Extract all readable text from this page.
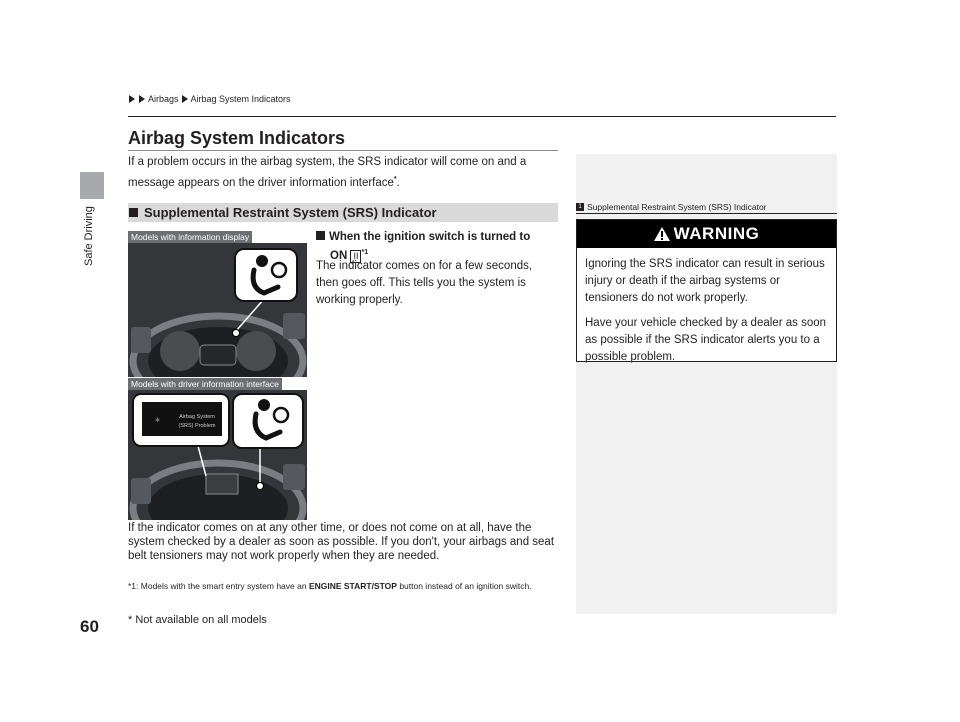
Safe Driving
Airbags Airbag System Indicators
Airbag System Indicators
If a problem occurs in the airbag system, the SRS indicator will come on and a message appears on the driver information interface*.
Supplemental Restraint System (SRS) Indicator
Models with information display
Models with driver information interface
✱
Airbag System
(SRS) Problem
When the ignition switch is turned to
ON II $^{*1}$
The indicator comes on for a few seconds, then goes off. This tells you the system is working properly.
If the indicator comes on at any other time, or does not come on at all, have the system checked by a dealer as soon as possible. If you don't, your airbags and seat belt tensioners may not work properly when they are needed.
*1: Models with the smart entry system have an ENGINE START/STOP button instead of an ignition switch.
* Not available on all models
60
1 Supplemental Restraint System (SRS) Indicator
WARNING

Ignoring the SRS indicator can result in serious injury or death if the airbag systems or tensioners do not work properly.

Have your vehicle checked by a dealer as soon as possible if the SRS indicator alerts you to a possible problem.
